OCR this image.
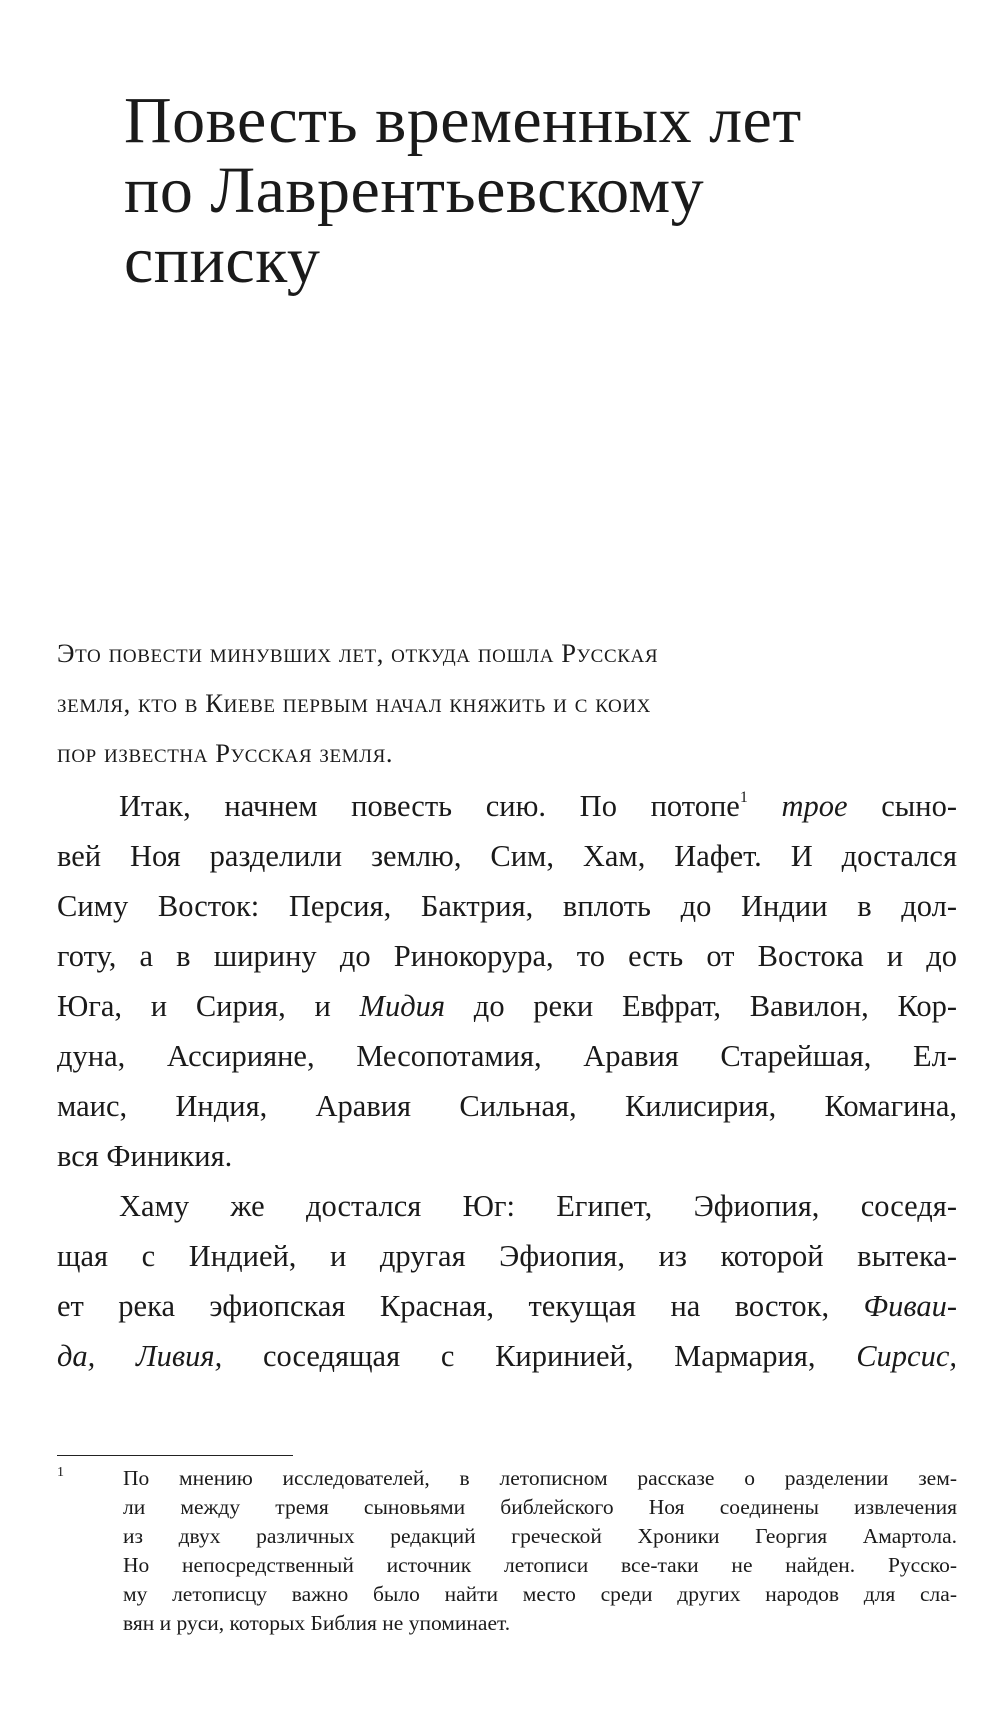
Повесть временных лет
по Лаврентьевскому
списку

Это повести минувших лет, откуда пошла Русская
земля, кто в Киеве первым начал княжить и с коих
пор известна Русская земля.

Итак, начнем повесть сию. По потопе$^1$ трое сыно-
вей Ноя разделили землю, Сим, Хам, Иафет. И достался
Симу Восток: Персия, Бактрия, вплоть до Индии в дол-
готу, а в ширину до Ринокорура, то есть от Востока и до
Юга, и Сирия, и Мидия до реки Евфрат, Вавилон, Кор-
дуна, Ассирияне, Месопотамия, Аравия Старейшая, Ел-
маис, Индия, Аравия Сильная, Килисирия, Комагина,
вся Финикия.
Хаму же достался Юг: Египет, Эфиопия, соседя-
щая с Индией, и другая Эфиопия, из которой вытека-
ет река эфиопская Красная, текущая на восток, Фиваи-
да, Ливия, соседящая с Киринией, Мармария, Сирсис,
1	По мнению исследователей, в летописном рассказе о разделении зем-
ли между тремя сыновьями библейского Ноя соединены извлечения
из двух различных редакций греческой Хроники Георгия Амартола.
Но непосредственный источник летописи все-таки не найден. Русско-
му летописцу важно было найти место среди других народов для сла-
вян и руси, которых Библия не упоминает.
